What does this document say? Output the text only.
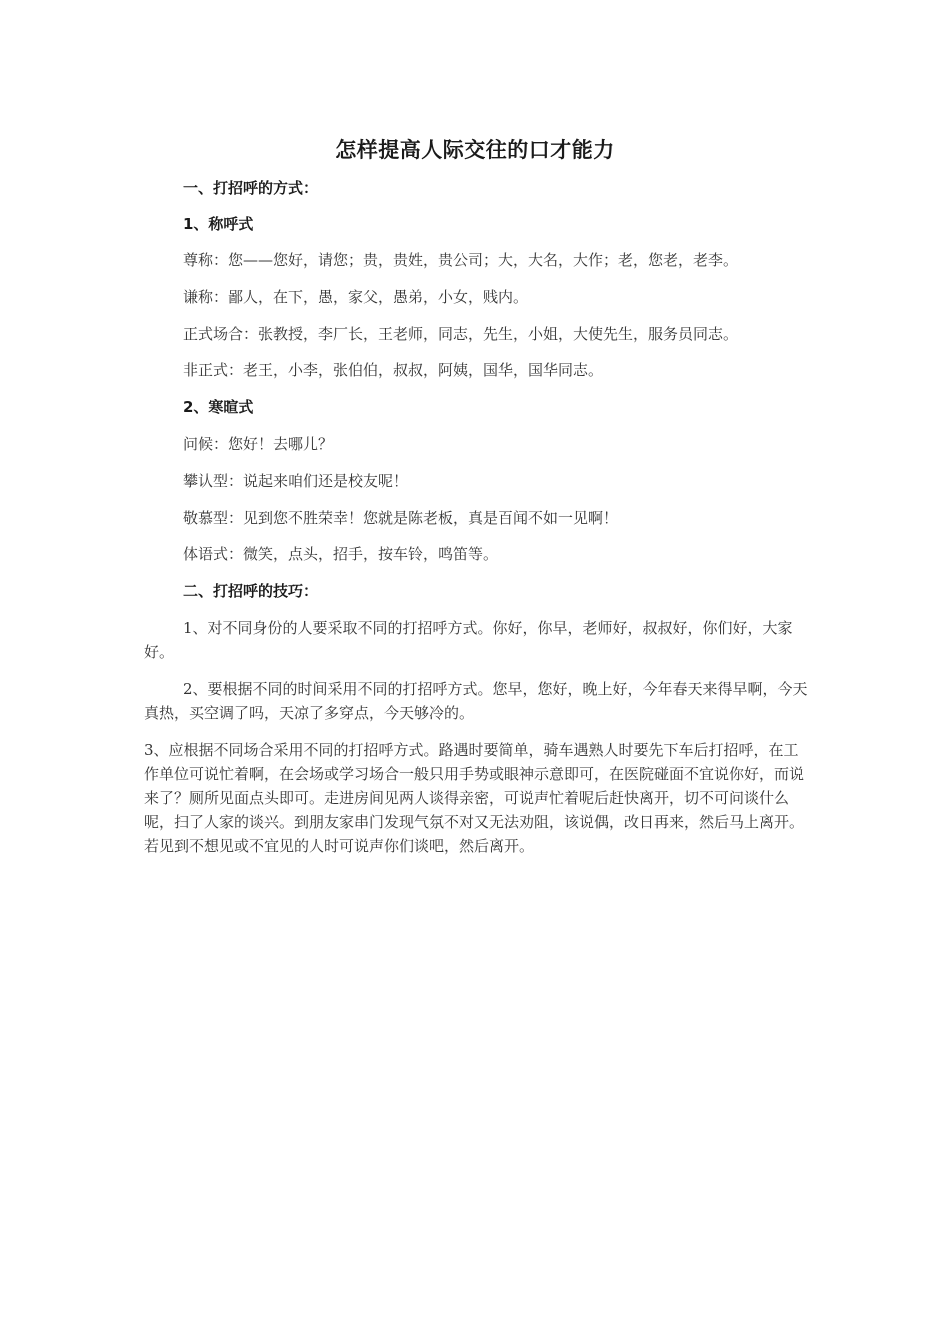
怎样提高人际交往的口才能力
一、打招呼的方式：
1、称呼式
尊称：您——您好，请您；贵，贵姓，贵公司；大，大名，大作；老，您老，老李。
谦称：鄙人，在下，愚，家父，愚弟，小女，贱内。
正式场合：张教授，李厂长，王老师，同志，先生，小姐，大使先生，服务员同志。
非正式：老王，小李，张伯伯，叔叔，阿姨，国华，国华同志。
2、寒暄式
问候：您好！去哪儿？
攀认型：说起来咱们还是校友呢！
敬慕型：见到您不胜荣幸！您就是陈老板，真是百闻不如一见啊！
体语式：微笑，点头，招手，按车铃，鸣笛等。
二、打招呼的技巧：
1、对不同身份的人要采取不同的打招呼方式。你好，你早，老师好，叔叔好，你们好，大家好。
2、要根据不同的时间采用不同的打招呼方式。您早，您好，晚上好，今年春天来得早啊，今天真热，买空调了吗，天凉了多穿点，今天够冷的。
3、应根据不同场合采用不同的打招呼方式。路遇时要简单，骑车遇熟人时要先下车后打招呼，在工作单位可说忙着啊，在会场或学习场合一般只用手势或眼神示意即可，在医院碰面不宜说你好，而说来了？厕所见面点头即可。走进房间见两人谈得亲密，可说声忙着呢后赶快离开，切不可问谈什么呢，扫了人家的谈兴。到朋友家串门发现气氛不对又无法劝阻，该说偶，改日再来，然后马上离开。若见到不想见或不宜见的人时可说声你们谈吧，然后离开。
